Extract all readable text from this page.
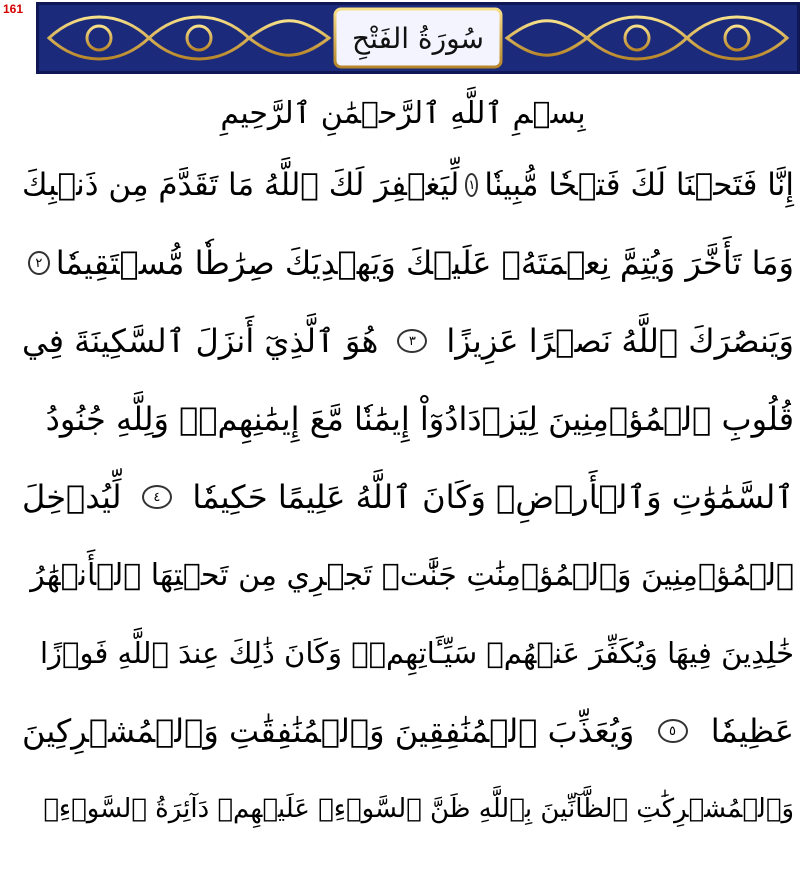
161
سُورَةُ الفَتْحِ
بِسۡمِ ٱللَّهِ ٱلرَّحۡمَٰنِ ٱلرَّحِيمِ
إِنَّا فَتَحۡنَا لَكَ فَتۡحٗا مُّبِينٗا
١
لِّيَغۡفِرَ لَكَ ٱللَّهُ مَا تَقَدَّمَ مِن ذَنۢبِكَ
وَمَا تَأَخَّرَ وَيُتِمَّ نِعۡمَتَهُۥ عَلَيۡكَ وَيَهۡدِيَكَ صِرَٰطٗا مُّسۡتَقِيمٗا
٢
وَيَنصُرَكَ ٱللَّهُ نَصۡرًا عَزِيزًا
٣
هُوَ ٱلَّذِيٓ أَنزَلَ ٱلسَّكِينَةَ فِي
قُلُوبِ ٱلۡمُؤۡمِنِينَ لِيَزۡدَادُوٓاْ إِيمَٰنٗا مَّعَ إِيمَٰنِهِمۡۗ وَلِلَّهِ جُنُودُ
ٱلسَّمَٰوَٰتِ وَٱلۡأَرۡضِۚ وَكَانَ ٱللَّهُ عَلِيمًا حَكِيمٗا
٤
لِّيُدۡخِلَ
ٱلۡمُؤۡمِنِينَ وَٱلۡمُؤۡمِنَٰتِ جَنَّٰتٖ تَجۡرِي مِن تَحۡتِهَا ٱلۡأَنۡهَٰرُ
خَٰلِدِينَ فِيهَا وَيُكَفِّرَ عَنۡهُمۡ سَيِّـَٔاتِهِمۡۚ وَكَانَ ذَٰلِكَ عِندَ ٱللَّهِ فَوۡزًا
عَظِيمٗا
٥
وَيُعَذِّبَ ٱلۡمُنَٰفِقِينَ وَٱلۡمُنَٰفِقَٰتِ وَٱلۡمُشۡرِكِينَ
وَٱلۡمُشۡرِكَٰتِ ٱلظَّآنِّينَ بِٱللَّهِ ظَنَّ ٱلسَّوۡءِۚ عَلَيۡهِمۡ دَآئِرَةُ ٱلسَّوۡءِۖ
